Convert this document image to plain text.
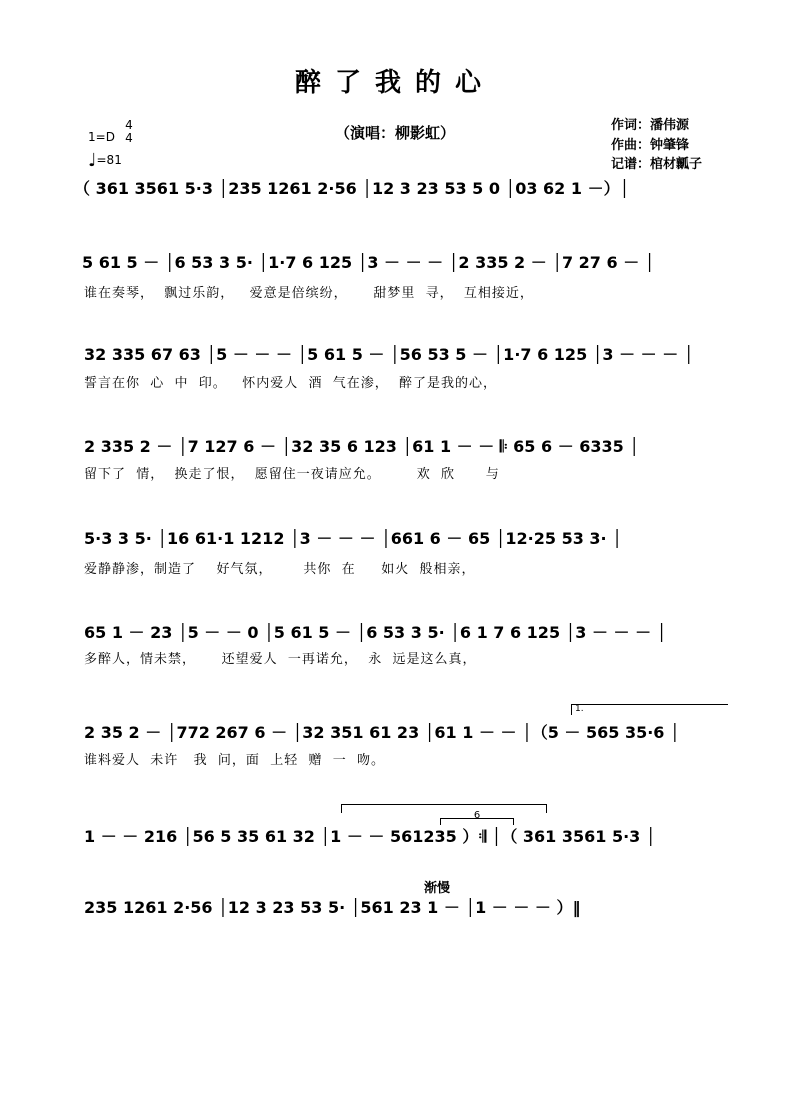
醉了我的心
（演唱：柳影虹）	作词：潘伟源
作曲：钟肇锋
记谱：棺材瓤子
1=D
4
4
♩=81
（ 361 3561 5·3 │235 1261 2·56 │12 3 23 53 5 0 │03 62 1 －）│
5 61 5 － │6 53 3 5· │1·7 6 125 │3 － － － │2 335 2 － │7 27 6 － │
谁在奏琴，  飘过乐韵，   爱意是倍缤纷，     甜梦里  寻，  互相接近，
32 335 67 63 │5 － － － │5 61 5 － │56 53 5 － │1·7 6 125 │3 － － － │
誓言在你  心  中  印。   怀内爱人  酒  气在渗，  醉了是我的心，
2 335 2 － │7 127 6 － │32 35 6 123 │61 1 － － 𝄆 65 6 － 6335 │
留下了  情，  换走了恨，  愿留住一夜请应允。       欢  欣      与
5·3 3 5· │16 61·1 1212 │3 － － － │661 6 － 65 │12·25 53 3· │
爱静静渗，制造了    好气氛，      共你  在     如火  般相亲，
65 1 － 23 │5 － － 0 │5 61 5 － │6 53 3 5· │6 1 7 6 125 │3 － － － │
多醉人，情未禁，     还望爱人  一再诺允，  永  远是这么真，
1.
2 35 2 － │772 267 6 － │32 351 61 23 │61 1 － － │（5 － 565 35·6 │
谁料爱人  未许   我  问，面  上轻  赠  一  吻。
6
1 － － 216 │56 5 35 61 32 │1 － － 561235 ）𝄇 │（ 361 3561 5·3 │
渐慢
235 1261 2·56 │12 3 23 53 5· │561 23 1 － │1 － － － ）‖
